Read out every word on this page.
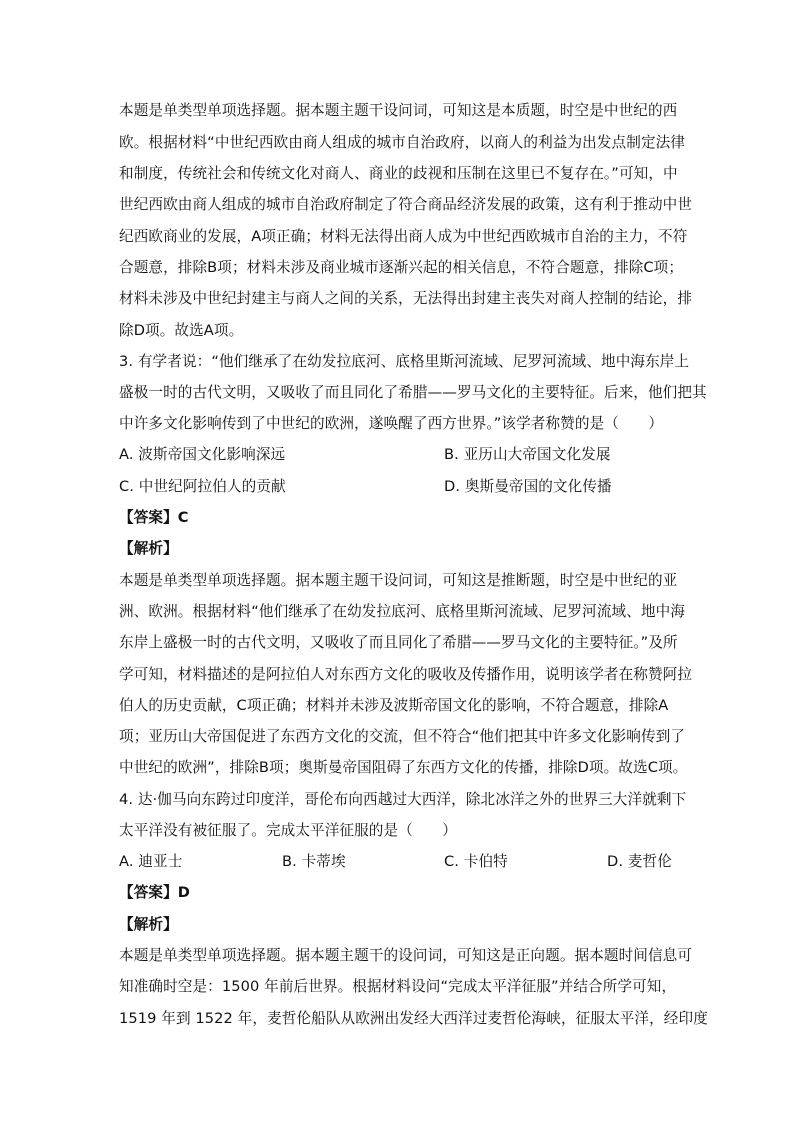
本题是单类型单项选择题。据本题主题干设问词，可知这是本质题，时空是中世纪的西
欧。根据材料“中世纪西欧由商人组成的城市自治政府，以商人的利益为出发点制定法律
和制度，传统社会和传统文化对商人、商业的歧视和压制在这里已不复存在。”可知，中
世纪西欧由商人组成的城市自治政府制定了符合商品经济发展的政策，这有利于推动中世
纪西欧商业的发展，A项正确；材料无法得出商人成为中世纪西欧城市自治的主力，不符
合题意，排除B项；材料未涉及商业城市逐渐兴起的相关信息，不符合题意，排除C项；
材料未涉及中世纪封建主与商人之间的关系，无法得出封建主丧失对商人控制的结论，排
除D项。故选A项。
3. 有学者说：“他们继承了在幼发拉底河、底格里斯河流域、尼罗河流域、地中海东岸上
盛极一时的古代文明，又吸收了而且同化了希腊——罗马文化的主要特征。后来，他们把其
中许多文化影响传到了中世纪的欧洲，遂唤醒了西方世界。”该学者称赞的是（　　）
A. 波斯帝国文化影响深远	B. 亚历山大帝国文化发展
C. 中世纪阿拉伯人的贡献	D. 奥斯曼帝国的文化传播
【答案】C
【解析】
本题是单类型单项选择题。据本题主题干设问词，可知这是推断题，时空是中世纪的亚
洲、欧洲。根据材料“他们继承了在幼发拉底河、底格里斯河流域、尼罗河流域、地中海
东岸上盛极一时的古代文明，又吸收了而且同化了希腊——罗马文化的主要特征。”及所
学可知，材料描述的是阿拉伯人对东西方文化的吸收及传播作用，说明该学者在称赞阿拉
伯人的历史贡献，C项正确；材料并未涉及波斯帝国文化的影响，不符合题意，排除A
项；亚历山大帝国促进了东西方文化的交流，但不符合“他们把其中许多文化影响传到了
中世纪的欧洲”，排除B项；奥斯曼帝国阻碍了东西方文化的传播，排除D项。故选C项。
4. 达·伽马向东跨过印度洋，哥伦布向西越过大西洋，除北冰洋之外的世界三大洋就剩下
太平洋没有被征服了。完成太平洋征服的是（　　）
A. 迪亚士	B. 卡蒂埃	C. 卡伯特	D. 麦哲伦
【答案】D
【解析】
本题是单类型单项选择题。据本题主题干的设问词，可知这是正向题。据本题时间信息可
知准确时空是：1500 年前后世界。根据材料设问“完成太平洋征服”并结合所学可知，
1519 年到 1522 年，麦哲伦船队从欧洲出发经大西洋过麦哲伦海峡，征服太平洋，经印度
